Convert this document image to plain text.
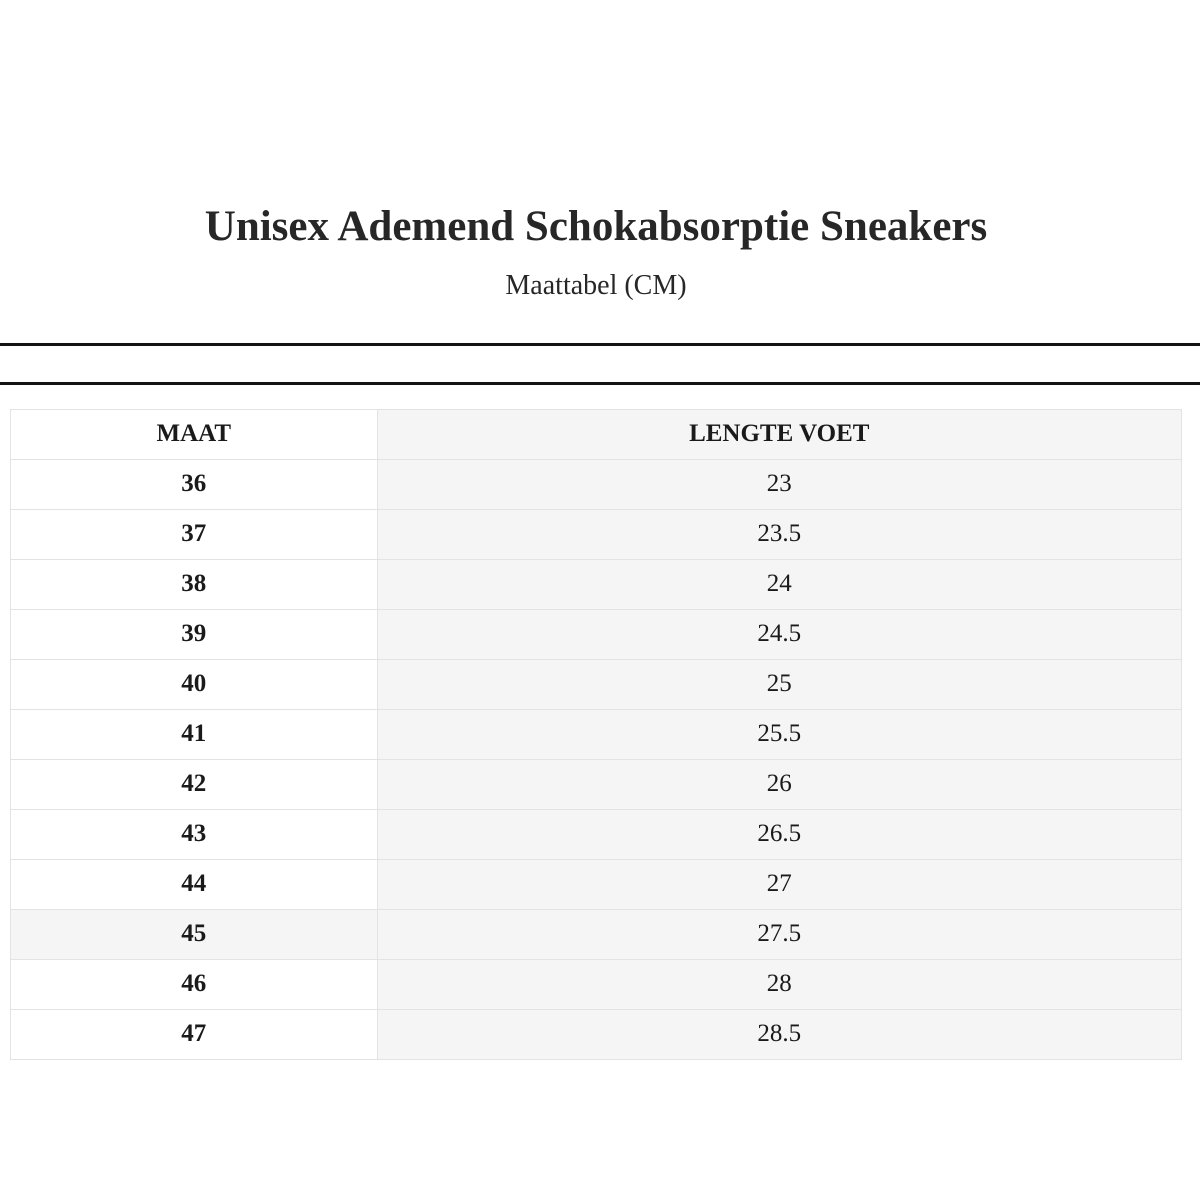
Unisex Ademend Schokabsorptie Sneakers
Maattabel (CM)
MAAT	LENGTE VOET
36	23
37	23.5
38	24
39	24.5
40	25
41	25.5
42	26
43	26.5
44	27
45	27.5
46	28
47	28.5
